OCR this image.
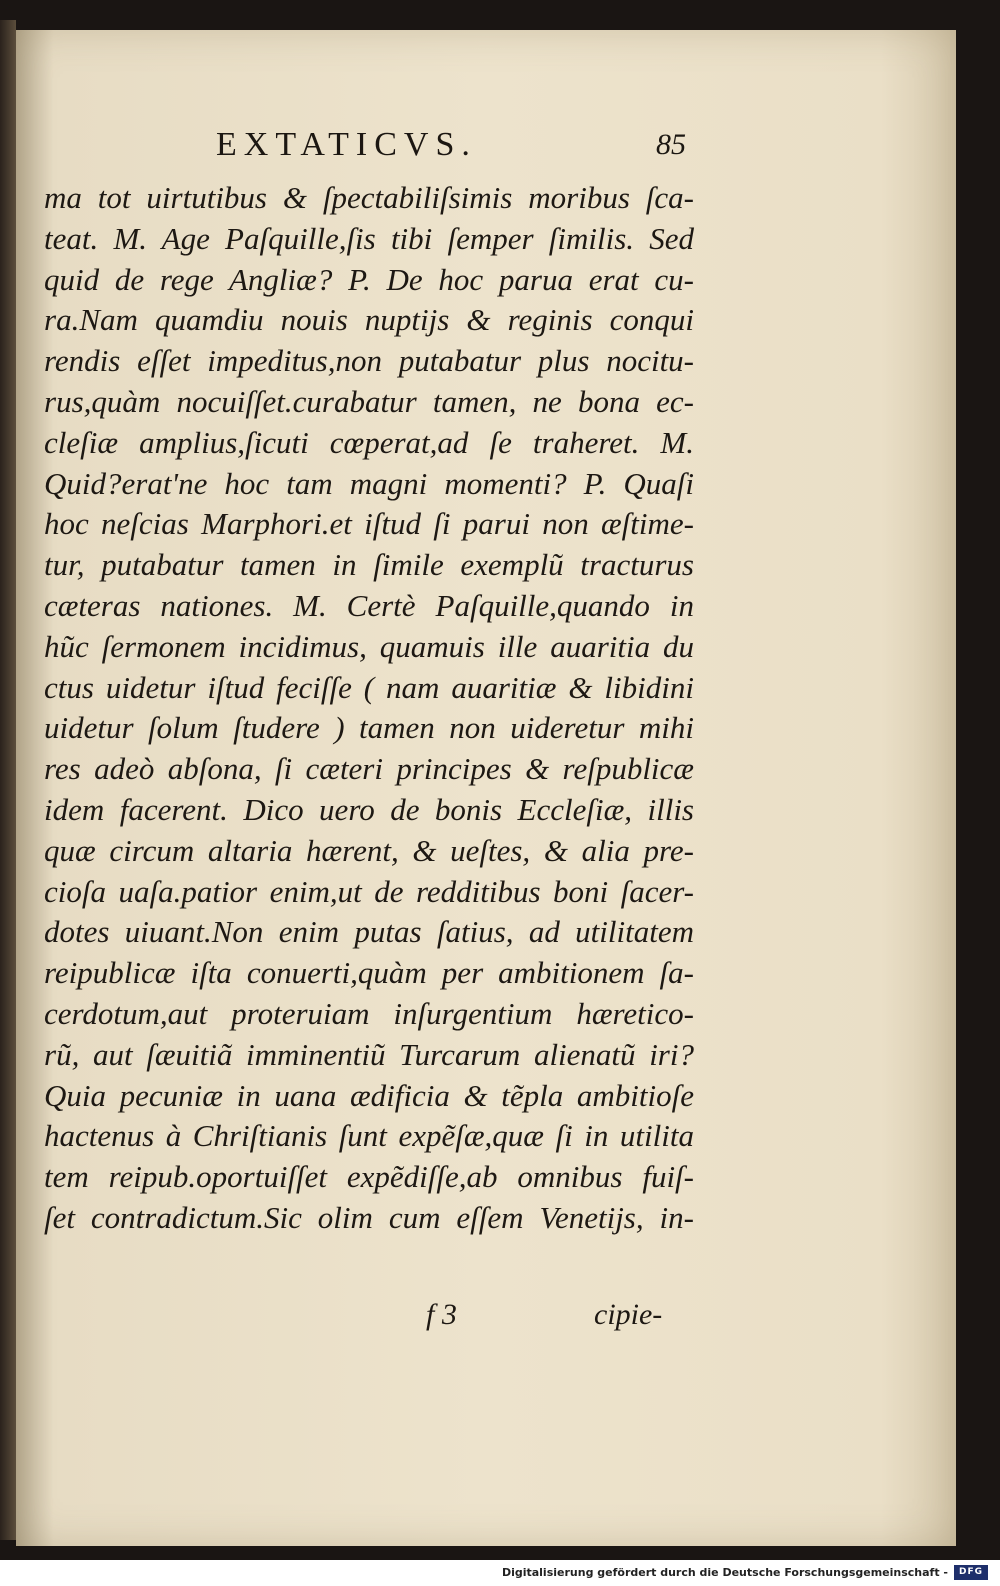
EXTATICVS.	85
ma tot uirtutibus & ſpectabiliſsimis moribus ſca-
teat. M. Age Paſquille,ſis tibi ſemper ſimilis. Sed
quid de rege Angliæ? P. De hoc parua erat cu-
ra.Nam quamdiu nouis nuptijs & reginis conqui
rendis eſſet impeditus,non putabatur plus nocitu-
rus,quàm nocuiſſet.curabatur tamen, ne bona ec-
cleſiæ amplius,ſicuti cœperat,ad ſe traheret. M.
Quid?erat'ne hoc tam magni momenti? P. Quaſi
hoc neſcias Marphori.et iſtud ſi parui non æſtime-
tur, putabatur tamen in ſimile exemplũ tracturus
cæteras nationes. M. Certè Paſquille,quando in
hũc ſermonem incidimus, quamuis ille auaritia du
ctus uidetur iſtud feciſſe ( nam auaritiæ & libidini
uidetur ſolum ſtudere ) tamen non uideretur mihi
res adeò abſona, ſi cæteri principes & reſpublicæ
idem facerent. Dico uero de bonis Eccleſiæ, illis
quæ circum altaria hærent, & ueſtes, & alia pre-
cioſa uaſa.patior enim,ut de redditibus boni ſacer-
dotes uiuant.Non enim putas ſatius, ad utilitatem
reipublicæ iſta conuerti,quàm per ambitionem ſa-
cerdotum,aut proteruiam inſurgentium hæretico-
rũ, aut ſæuitiã imminentiũ Turcarum alienatũ iri?
Quia pecuniæ in uana ædificia & tẽpla ambitioſe
hactenus à Chriſtianis ſunt expẽſæ,quæ ſi in utilita
tem reipub.oportuiſſet expẽdiſſe,ab omnibus fuiſ-
ſet contradictum.Sic olim cum eſſem Venetijs, in-
f 3	cipie-
Digitalisierung gefördert durch die Deutsche Forschungsgemeinschaft -	DFG
